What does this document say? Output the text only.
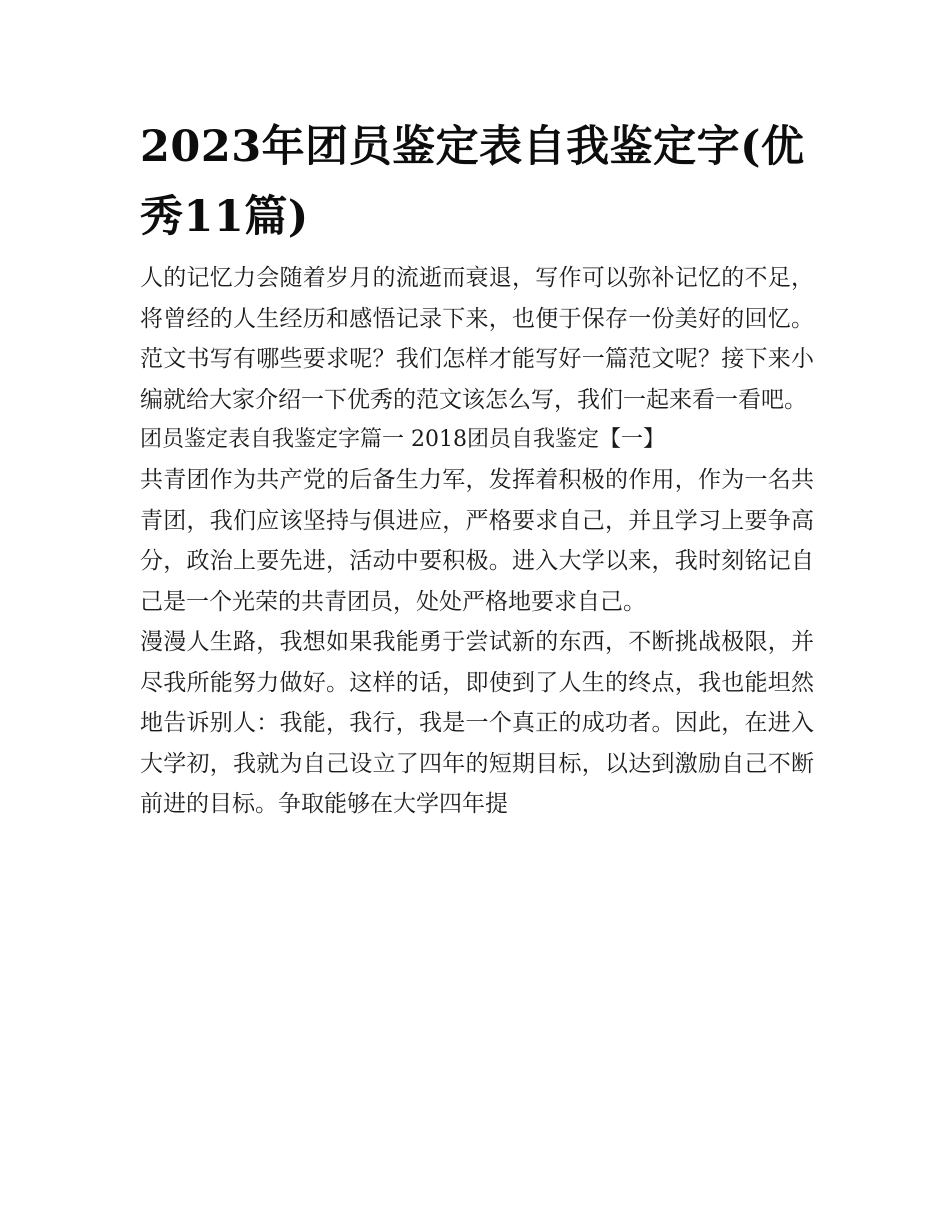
2023年团员鉴定表自我鉴定字(优秀11篇)

人的记忆力会随着岁月的流逝而衰退，写作可以弥补记忆的不足，将曾经的人生经历和感悟记录下来，也便于保存一份美好的回忆。范文书写有哪些要求呢？我们怎样才能写好一篇范文呢？接下来小编就给大家介绍一下优秀的范文该怎么写，我们一起来看一看吧。

团员鉴定表自我鉴定字篇一 2018团员自我鉴定【一】

共青团作为共产党的后备生力军，发挥着积极的作用，作为一名共青团，我们应该坚持与俱进应，严格要求自己，并且学习上要争高分，政治上要先进，活动中要积极。进入大学以来，我时刻铭记自己是一个光荣的共青团员，处处严格地要求自己。

漫漫人生路，我想如果我能勇于尝试新的东西，不断挑战极限，并尽我所能努力做好。这样的话，即使到了人生的终点，我也能坦然地告诉别人：我能，我行，我是一个真正的成功者。因此，在进入大学初，我就为自己设立了四年的短期目标，以达到激励自己不断前进的目标。争取能够在大学四年提
